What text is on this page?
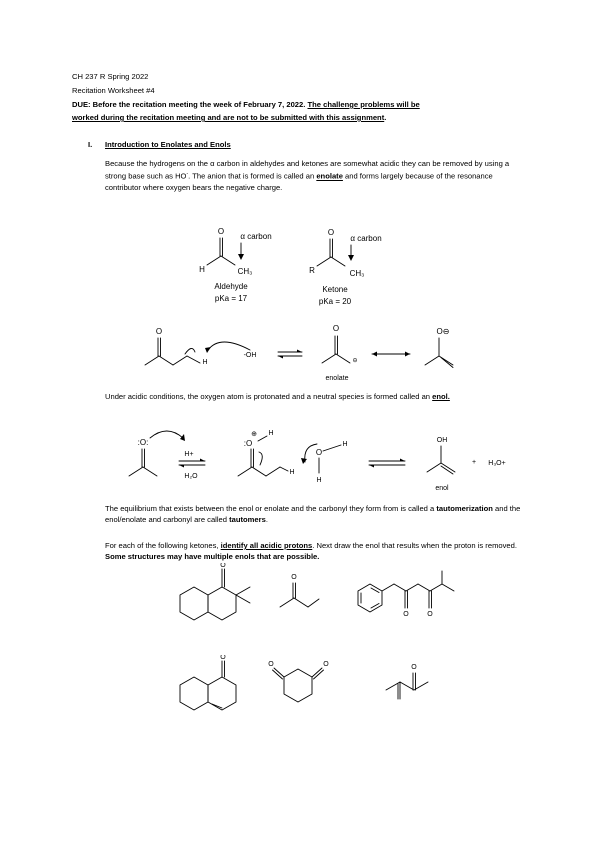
CH 237 R Spring 2022
Recitation Worksheet #4
DUE: Before the recitation meeting the week of February 7, 2022. The challenge problems will be
worked during the recitation meeting and are not to be submitted with this assignment.
I. Introduction to Enolates and Enols
Because the hydrogens on the α carbon in aldehydes and ketones are somewhat acidic they can be removed by using a strong base such as HO-. The anion that is formed is called an enolate and forms largely because of the resonance contributor where oxygen bears the negative charge.
O
α carbon
H	CH₃
Aldehyde
pKa = 17
O
α carbon
R	CH₃
Ketone
pKa = 20
O
H
-OH
O
⊖
enolate
O⊖
Under acidic conditions, the oxygen atom is protonated and a neutral species is formed called an enol.
:O:
H+
H₂O
⊕
:O
H
H
O
H
H
OH
enol
+ H₃O+
The equilibrium that exists between the enol or enolate and the carbonyl they form from is called a tautomerization and the enol/enolate and carbonyl are called tautomers.
For each of the following ketones, identify all acidic protons. Next draw the enol that results when the proton is removed. Some structures may have multiple enols that are possible.
O
O
O	O
O
O	O	O
